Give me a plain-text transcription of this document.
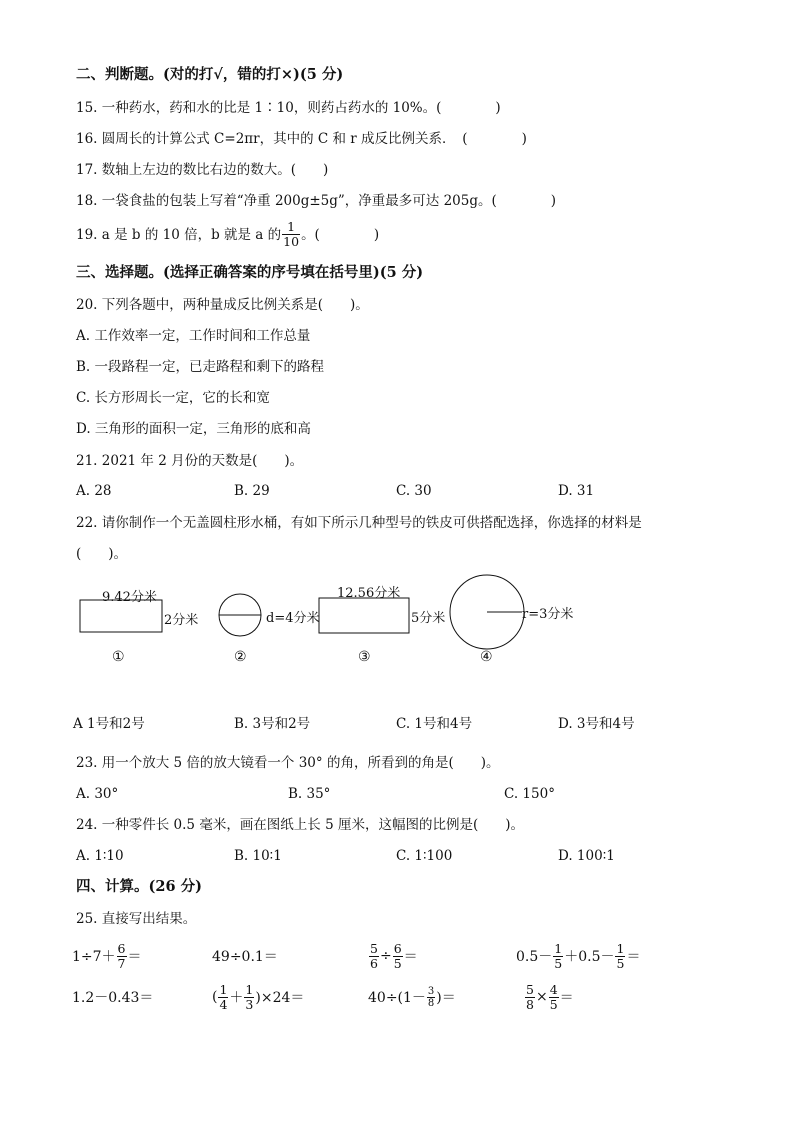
二、判断题。(对的打√，错的打×)(5 分)
15. 一种药水，药和水的比是 1∶10，则药占药水的 10%。(　　　　)
16. 圆周长的计算公式 C=2πr，其中的 C 和 r 成反比例关系．　(　　　　)
17. 数轴上左边的数比右边的数大。(　　)
18. 一袋食盐的包装上写着“净重 200g±5g”，净重最多可达 205g。(　　　　)
19. a 是 b 的 10 倍，b 就是 a 的 $\frac{1}{10}$ 。(　　　　)
三、选择题。(选择正确答案的序号填在括号里)(5 分)
20. 下列各题中，两种量成反比例关系是(　　)。
A. 工作效率一定，工作时间和工作总量
B. 一段路程一定，已走路程和剩下的路程
C. 长方形周长一定，它的长和宽
D. 三角形的面积一定，三角形的底和高
21. 2021 年 2 月份的天数是(　　)。
A. 28	B. 29	C. 30	D. 31
22. 请你制作一个无盖圆柱形水桶，有如下所示几种型号的铁皮可供搭配选择，你选择的材料是
(　　)。
9.42分米
2分米	d=4分米
12.56分米
5分米	r=3分米
①	②	③	④
A 1号和2号	B. 3号和2号	C. 1号和4号	D. 3号和4号
23. 用一个放大 5 倍的放大镜看一个 30° 的角，所看到的角是(　　)。
A. 30°	B. 35°	C. 150°
24. 一种零件长 0.5 毫米，画在图纸上长 5 厘米，这幅图的比例是(　　)。
A. 1∶10	B. 10∶1	C. 1∶100	D. 100∶1
四、计算。(26 分)
25. 直接写出结果。
$1\div 7+ \frac{6}{7}$ ＝	49÷0.1＝	$\frac{5}{6} \div \frac{6}{5}$ ＝	$0.5- \frac{1}{5} +0.5- \frac{1}{5}$ ＝
1.2－0.43＝	( $\frac{1}{4} + \frac{1}{3} )\times 24=$	$40\div(1- \frac{3}{8}$ )＝	$\frac{5}{8} \times \frac{4}{5}$ ＝
